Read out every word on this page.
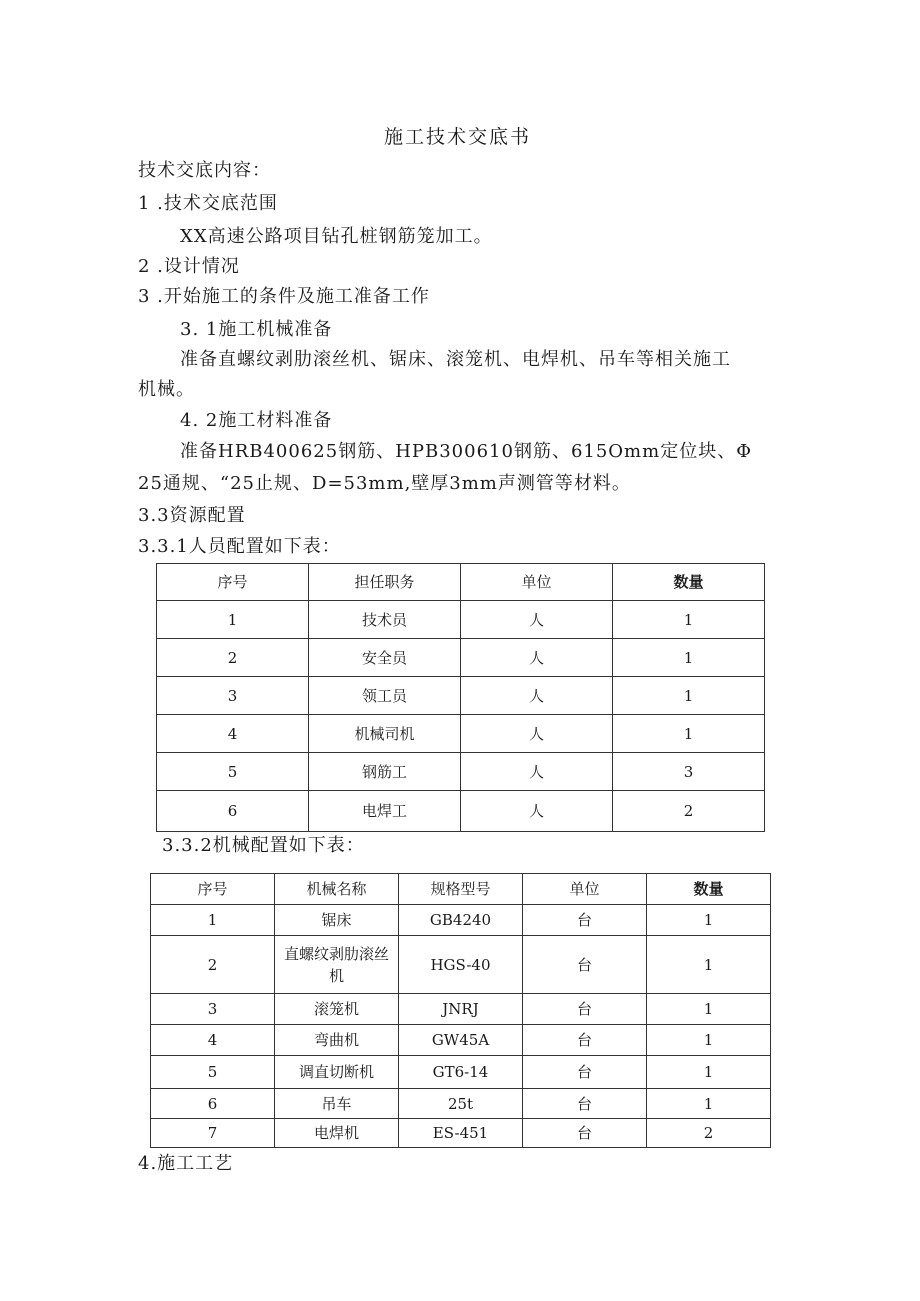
施工技术交底书
技术交底内容：
1 .技术交底范围
XX高速公路项目钻孔桩钢筋笼加工。
2 .设计情况
3 .开始施工的条件及施工准备工作
3. 1施工机械准备
准备直螺纹剥肋滚丝机、锯床、滚笼机、电焊机、吊车等相关施工
机械。
4. 2施工材料准备
准备HRB400625钢筋、HPB300610钢筋、615Omm定位块、Φ
25通规、“25止规、D=53mm,壁厚3mm声测管等材料。
3.3资源配置
3.3.1人员配置如下表：
序号	担任职务	单位	数量
1	技术员	人	1
2	安全员	人	1
3	领工员	人	1
4	机械司机	人	1
5	钢筋工	人	3
6	电焊工	人	2
3.3.2机械配置如下表：
序号	机械名称	规格型号	单位	数量
1	锯床	GB4240	台	1
2	直螺纹剥肋滚丝机	HGS-40	台	1
3	滚笼机	JNRJ	台	1
4	弯曲机	GW45A	台	1
5	调直切断机	GT6-14	台	1
6	吊车	25t	台	1
7	电焊机	ES-451	台	2
4.施工工艺
